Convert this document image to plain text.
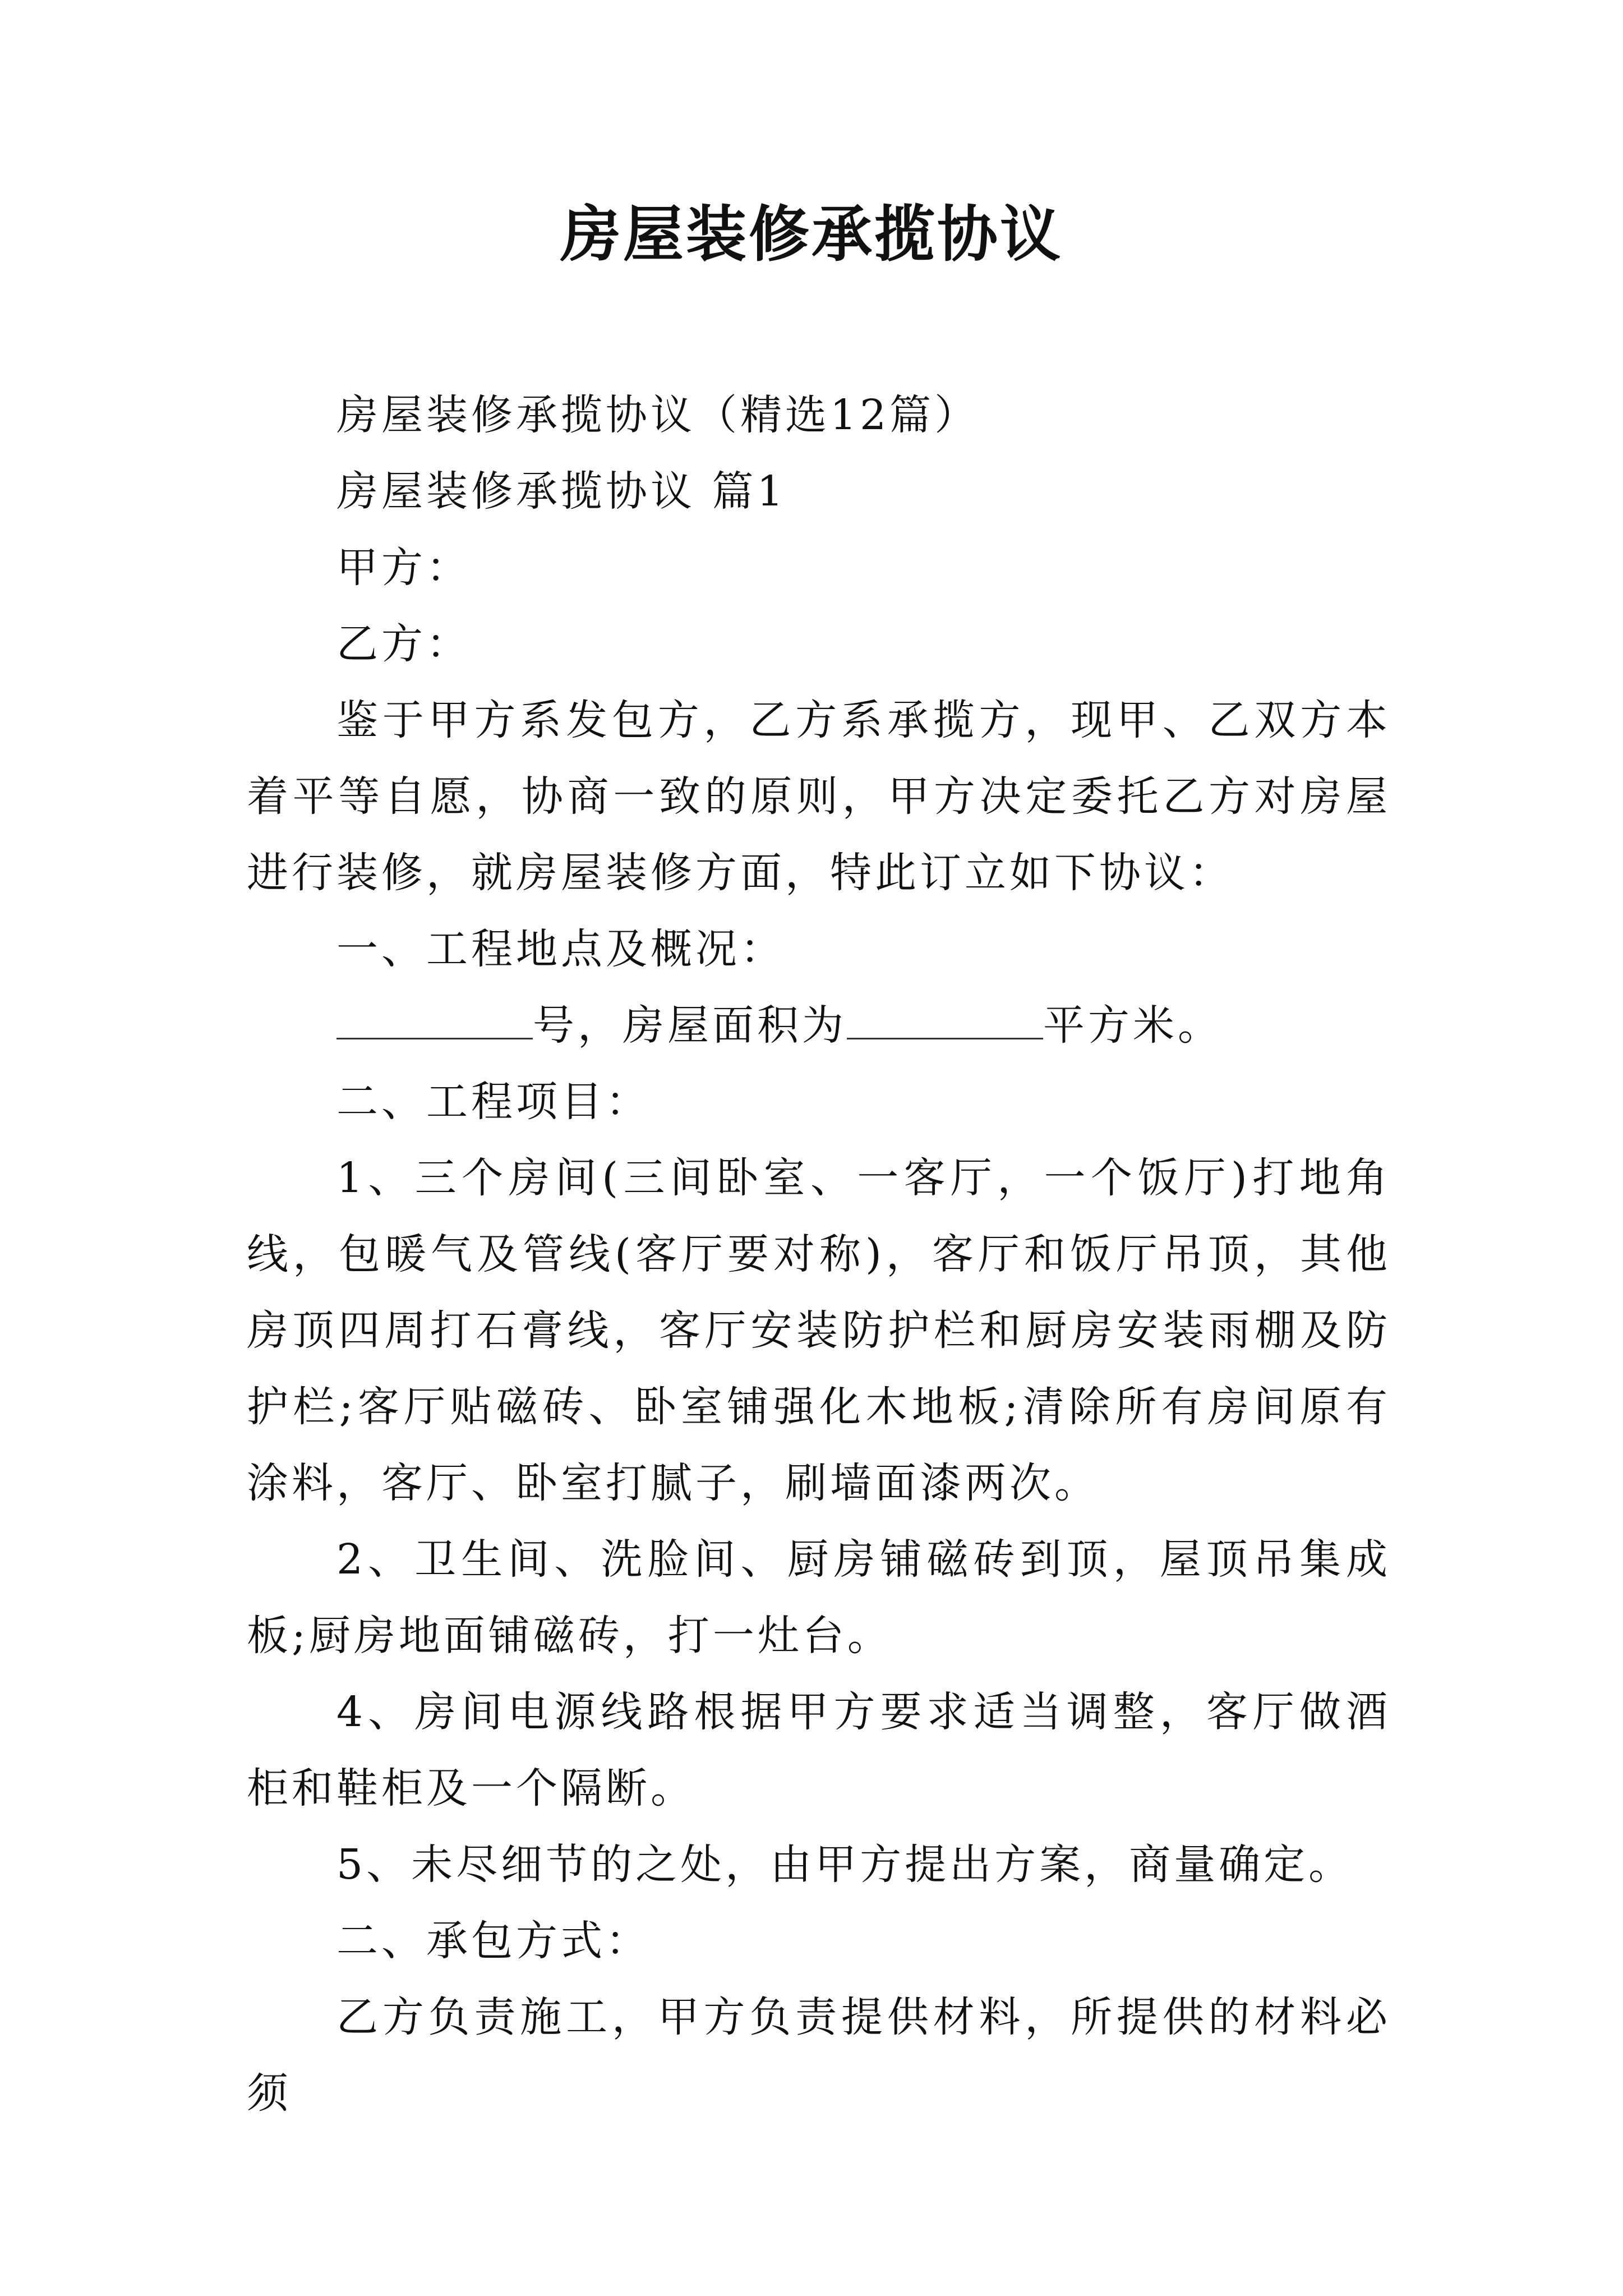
房屋装修承揽协议

房屋装修承揽协议（精选12篇）

房屋装修承揽协议 篇1

甲方：

乙方：

鉴于甲方系发包方，乙方系承揽方，现甲、乙双方本着平等自愿，协商一致的原则，甲方决定委托乙方对房屋进行装修，就房屋装修方面，特此订立如下协议：

一、工程地点及概况：

号，房屋面积为	平方米。

二、工程项目：

1、三个房间(三间卧室、一客厅，一个饭厅)打地角线，包暖气及管线(客厅要对称)，客厅和饭厅吊顶，其他房顶四周打石膏线，客厅安装防护栏和厨房安装雨棚及防护栏;客厅贴磁砖、卧室铺强化木地板;清除所有房间原有涂料，客厅、卧室打腻子，刷墙面漆两次。

2、卫生间、洗脸间、厨房铺磁砖到顶，屋顶吊集成板;厨房地面铺磁砖，打一灶台。

4、房间电源线路根据甲方要求适当调整，客厅做酒柜和鞋柜及一个隔断。

5、未尽细节的之处，由甲方提出方案，商量确定。

二、承包方式：

乙方负责施工，甲方负责提供材料，所提供的材料必须
